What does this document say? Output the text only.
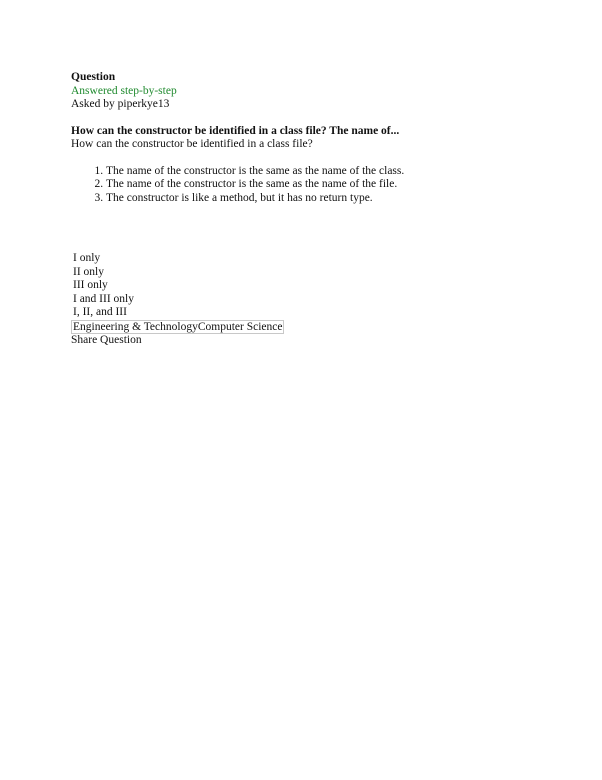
Question
Answered step-by-step
Asked by piperkye13
How can the constructor be identified in a class file? The name of...
How can the constructor be identified in a class file?
1. The name of the constructor is the same as the name of the class.
2. The name of the constructor is the same as the name of the file.
3. The constructor is like a method, but it has no return type.
I only
II only
III only
I and III only
I, II, and III
Engineering & TechnologyComputer Science
Share Question
